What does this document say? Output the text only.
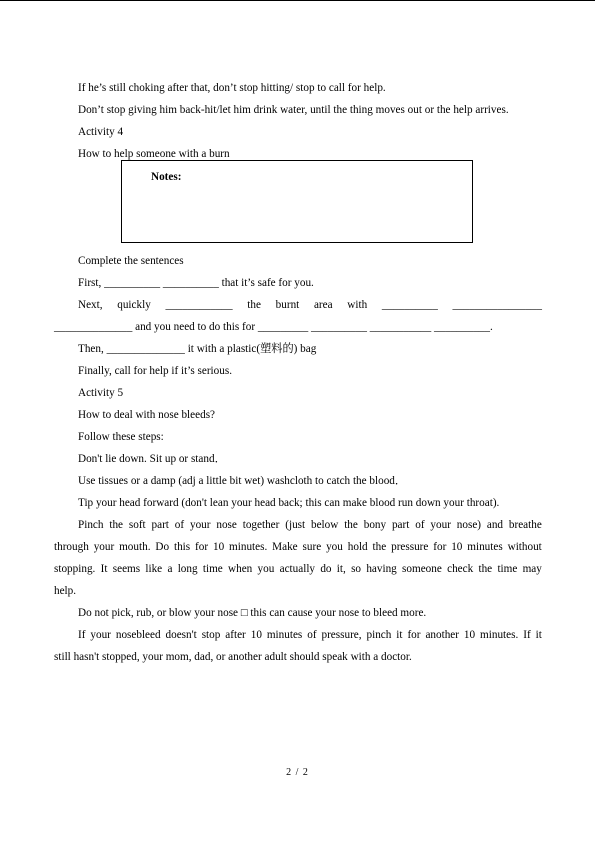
If he’s still choking after that, don’t stop hitting/ stop to call for help.
Don’t stop giving him back-hit/let him drink water, until the thing moves out or the help arrives.
Activity 4
How to help someone with a burn
Notes:
Complete the sentences
First, __________ __________ that it’s safe for you.
Next, quickly ____________ the burnt area with __________ ________________
______________ and you need to do this for _________ __________ ___________ __________.
Then, ______________ it with a plastic(塑料的) bag
Finally, call for help if it’s serious.
Activity 5
How to deal with nose bleeds?
Follow these steps:
Don't lie down. Sit up or stand．
Use tissues or a damp (adj a little bit wet) washcloth to catch the blood．
Tip your head forward (don't lean your head back; this can make blood run down your throat).
Pinch the soft part of your nose together (just below the bony part of your nose) and breathe
through your mouth. Do this for 10 minutes. Make sure you hold the pressure for 10 minutes without
stopping. It seems like a long time when you actually do it, so having someone check the time may
help.
Do not pick, rub, or blow your nose □ this can cause your nose to bleed more.
If your nosebleed doesn't stop after 10 minutes of pressure, pinch it for another 10 minutes. If it
still hasn't stopped, your mom, dad, or another adult should speak with a doctor.
2 / 2
